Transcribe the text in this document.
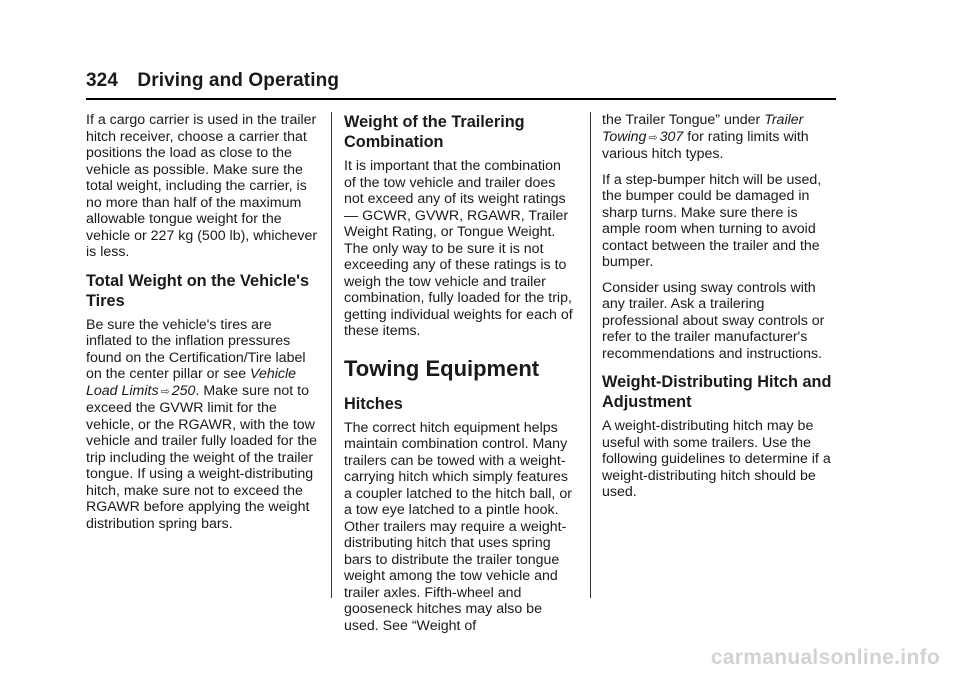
324 Driving and Operating

If a cargo carrier is used in the trailer hitch receiver, choose a carrier that positions the load as close to the vehicle as possible. Make sure the total weight, including the carrier, is no more than half of the maximum allowable tongue weight for the vehicle or 227 kg (500 lb), whichever is less.

Total Weight on the Vehicle's Tires

Be sure the vehicle's tires are inflated to the inflation pressures found on the Certification/Tire label on the center pillar or see Vehicle Load Limits ⇨ 250. Make sure not to exceed the GVWR limit for the vehicle, or the RGAWR, with the tow vehicle and trailer fully loaded for the trip including the weight of the trailer tongue. If using a weight-distributing hitch, make sure not to exceed the RGAWR before applying the weight distribution spring bars.

Weight of the Trailering Combination

It is important that the combination of the tow vehicle and trailer does not exceed any of its weight ratings — GCWR, GVWR, RGAWR, Trailer Weight Rating, or Tongue Weight. The only way to be sure it is not exceeding any of these ratings is to weigh the tow vehicle and trailer combination, fully loaded for the trip, getting individual weights for each of these items.

Towing Equipment
Hitches

The correct hitch equipment helps maintain combination control. Many trailers can be towed with a weight-carrying hitch which simply features a coupler latched to the hitch ball, or a tow eye latched to a pintle hook. Other trailers may require a weight-distributing hitch that uses spring bars to distribute the trailer tongue weight among the tow vehicle and trailer axles. Fifth-wheel and gooseneck hitches may also be used. See “Weight of

the Trailer Tongue” under Trailer Towing ⇨ 307 for rating limits with various hitch types.

If a step-bumper hitch will be used, the bumper could be damaged in sharp turns. Make sure there is ample room when turning to avoid contact between the trailer and the bumper.

Consider using sway controls with any trailer. Ask a trailering professional about sway controls or refer to the trailer manufacturer's recommendations and instructions.

Weight-Distributing Hitch and Adjustment

A weight-distributing hitch may be useful with some trailers. Use the following guidelines to determine if a weight-distributing hitch should be used.

carmanualsonline.info
